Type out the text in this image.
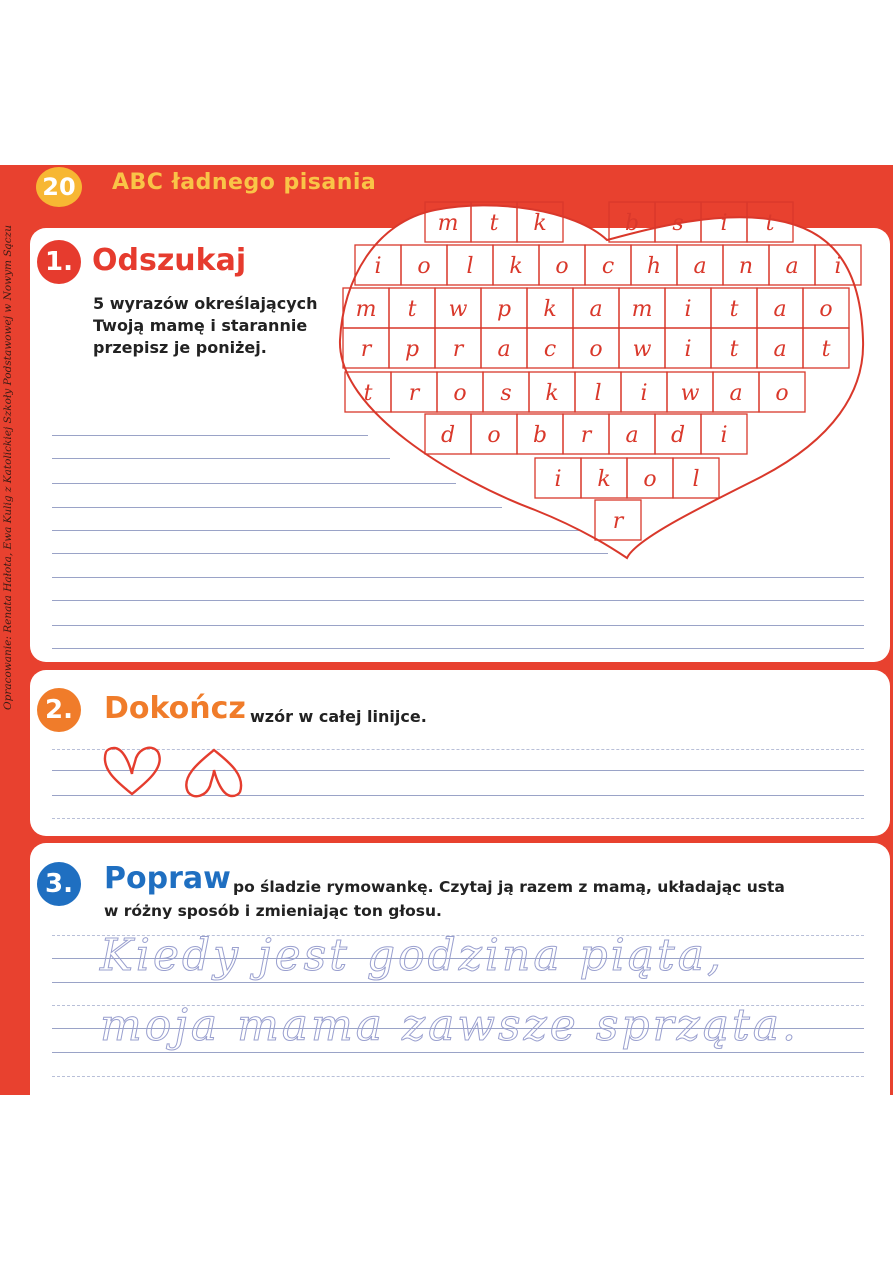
20 ABC ładnego pisania
Opracowanie: Renata Hałota, Ewa Kulig z Katolickiej Szkoły Podstawowej w Nowym Sączu	1. Odszukaj
5 wyrazów określających
Twoją mamę i starannie
przepisz je poniżej.
m t k	b s i t
i o l k o c h a n a i
m t w p k a m i t a o
r p r a c o w i t a t
t r o s k l i w a o
d o b r a d i
i k o l
r
2. Dokończ wzór w całej linijce.
3. Popraw po śladzie rymowankę. Czytaj ją razem z mamą, układając usta
w różny sposób i zmieniając ton głosu.
Kiedy jest godzina piąta,
moja mama zawsze sprząta.
